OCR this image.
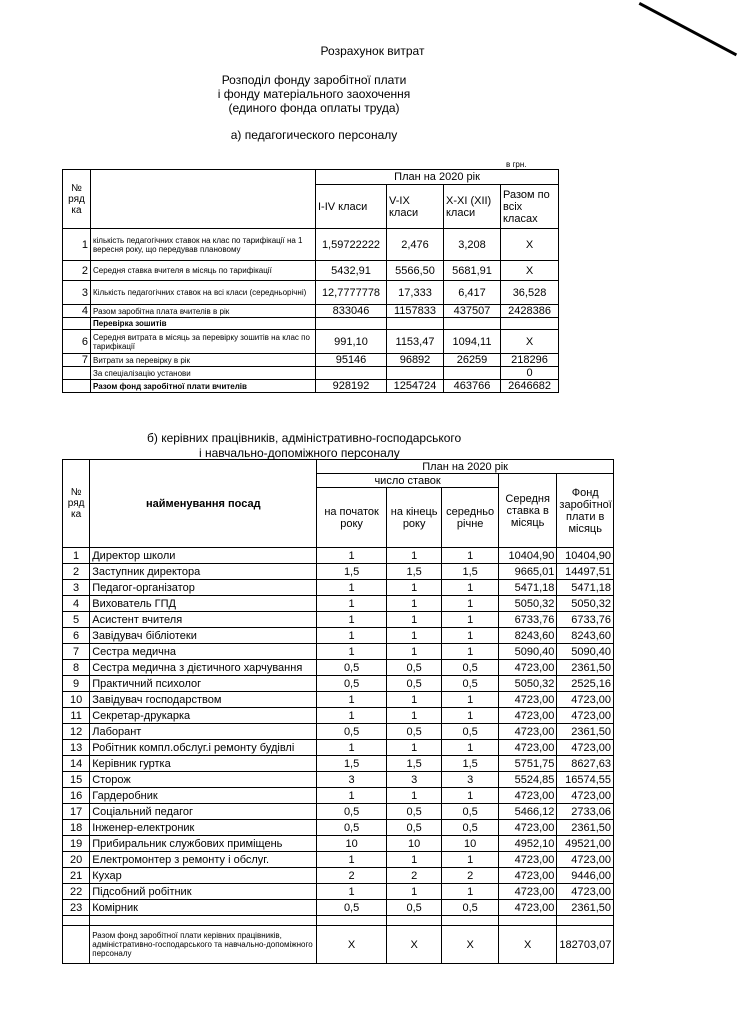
Розрахунок витрат
Розподіл фонду заробітної плати
і фонду матеріального заохочення
(единого фонда оплаты труда)
а) педагогического персоналу
в грн.
№ ряд ка		План на 2020 рік			
		І-ІV класи	V-IX класи	X-XI (XII) класи	Разом по всіх класах
1	кількість педагогічних ставок на клас по тарифікації на 1 вересня року, що передував плановому	1,59722222	2,476	3,208	Х
2	Середня ставка вчителя в місяць по тарифікації	5432,91	5566,50	5681,91	Х
3	Кількість педагогічних ставок на всі класи (середньорічні)	12,7777778	17,333	6,417	36,528
4	Разом заробітна плата вчителів в рік	833046	1157833	437507	2428386
	Перевірка зошитів				
6	Середня витрата в місяць за перевірку зошитів на клас по тарифікації	991,10	1153,47	1094,11	Х
7	Витрати за перевірку в рік	95146	96892	26259	218296
	За спеціалізацію установи				0
	Разом фонд заробітної плати вчителів	928192	1254724	463766	2646682
б) керівних працівників, адміністративно-господарського
і навчально-допоміжного персоналу
№ ряд ка	найменування посад	План на 2020 рік				
		число ставок			Середня ставка в місяць	Фонд заробітної плати в місяць
		на початок року	на кінець року	середньо річне		
1	Директор школи	1	1	1	10404,90	10404,90
2	Заступник директора	1,5	1,5	1,5	9665,01	14497,51
3	Педагог-організатор	1	1	1	5471,18	5471,18
4	Вихователь ГПД	1	1	1	5050,32	5050,32
5	Асистент вчителя	1	1	1	6733,76	6733,76
6	Завідувач бібліотеки	1	1	1	8243,60	8243,60
7	Сестра медична	1	1	1	5090,40	5090,40
8	Сестра медична з дієтичного харчування	0,5	0,5	0,5	4723,00	2361,50
9	Практичний психолог	0,5	0,5	0,5	5050,32	2525,16
10	Завідувач господарством	1	1	1	4723,00	4723,00
11	Секретар-друкарка	1	1	1	4723,00	4723,00
12	Лаборант	0,5	0,5	0,5	4723,00	2361,50
13	Робітник компл.обслуг.і ремонту будівлі	1	1	1	4723,00	4723,00
14	Керівник гуртка	1,5	1,5	1,5	5751,75	8627,63
15	Сторож	3	3	3	5524,85	16574,55
16	Гардеробник	1	1	1	4723,00	4723,00
17	Соціальний педагог	0,5	0,5	0,5	5466,12	2733,06
18	Інженер-електроник	0,5	0,5	0,5	4723,00	2361,50
19	Прибиральник службових приміщень	10	10	10	4952,10	49521,00
20	Електромонтер з ремонту і обслуг.	1	1	1	4723,00	4723,00
21	Кухар	2	2	2	4723,00	9446,00
22	Підсобний робітник	1	1	1	4723,00	4723,00
23	Комірник	0,5	0,5	0,5	4723,00	2361,50

	Разом фонд заробітної плати керівних працівників, адміністративно-господарського та навчально-допоміжного персоналу	Х	Х	Х	Х	182703,07
